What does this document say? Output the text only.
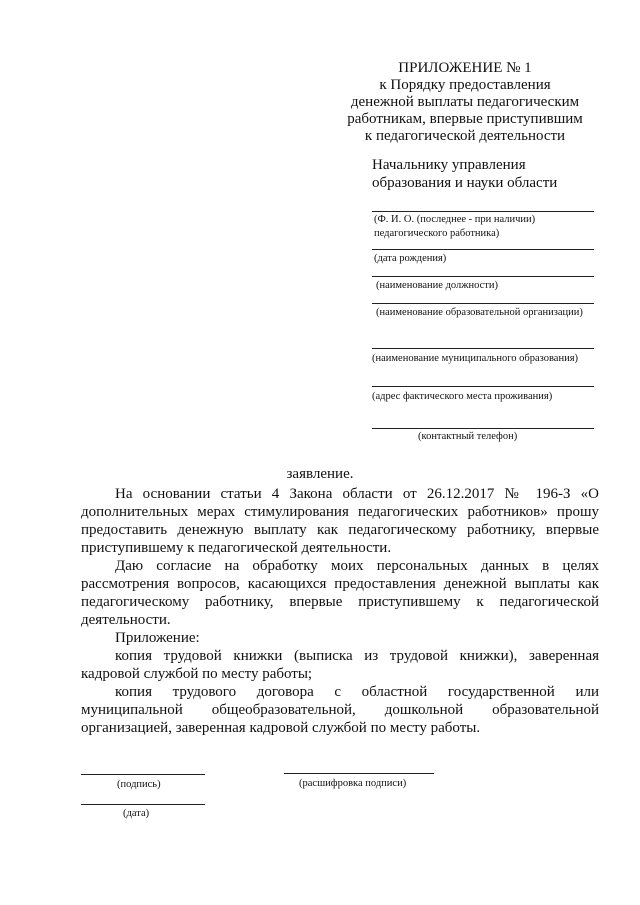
ПРИЛОЖЕНИЕ № 1
к Порядку предоставления
денежной выплаты педагогическим
работникам, впервые приступившим
к педагогической деятельности
Начальнику управления
образования и науки области
(Ф. И. О. (последнее - при наличии)
педагогического работника)
(дата рождения)
(наименование должности)
(наименование образовательной организации)
(наименование муниципального образования)
(адрес фактического места проживания)
(контактный телефон)
заявление.

На основании статьи 4 Закона области от 26.12.2017 № 196-З «О дополнительных мерах стимулирования педагогических работников» прошу предоставить денежную выплату как педагогическому работнику, впервые приступившему к педагогической деятельности.

Даю согласие на обработку моих персональных данных в целях рассмотрения вопросов, касающихся предоставления денежной выплаты как педагогическому работнику, впервые приступившему к педагогической деятельности.

Приложение:

копия трудовой книжки (выписка из трудовой книжки), заверенная кадровой службой по месту работы;

копия трудового договора с областной государственной или муниципальной общеобразовательной, дошкольной образовательной организацией, заверенная кадровой службой по месту работы.

(подпись)	(расшифровка подписи)
(дата)
